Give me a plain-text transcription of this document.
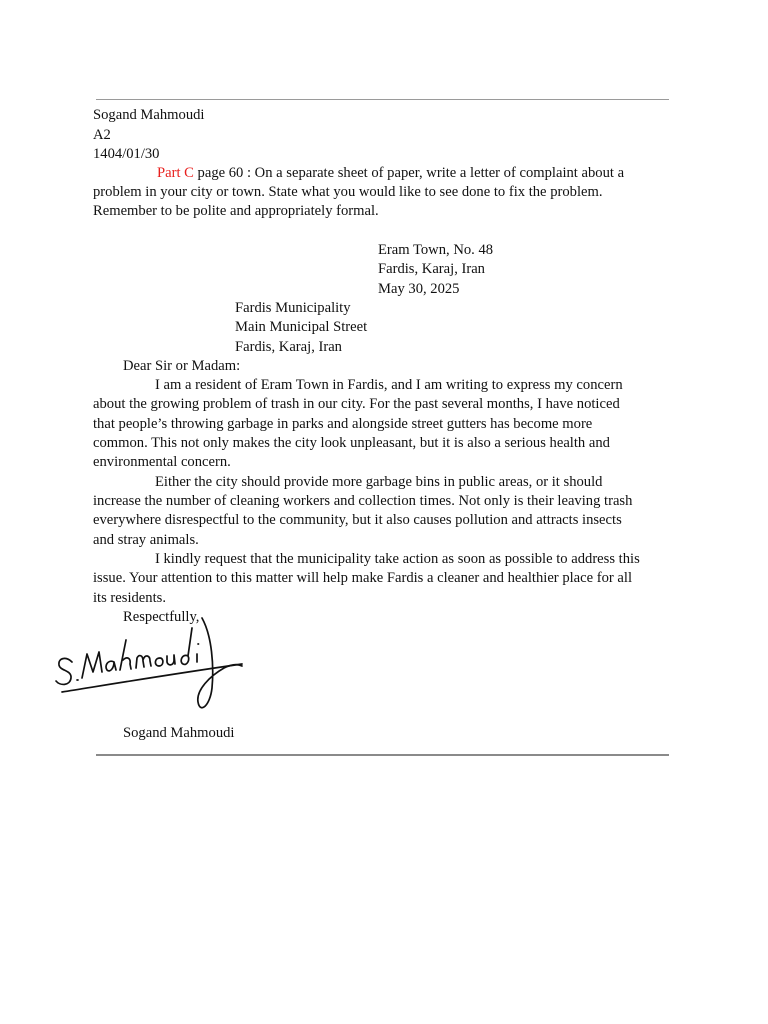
Sogand Mahmoudi
A2
1404/01/30
Part C page 60 : On a separate sheet of paper, write a letter of complaint about a
problem in your city or town. State what you would like to see done to fix the problem.
Remember to be polite and appropriately formal.
Eram Town, No. 48
Fardis, Karaj, Iran
May 30, 2025
Fardis Municipality
Main Municipal Street
Fardis, Karaj, Iran
Dear Sir or Madam:
I am a resident of Eram Town in Fardis, and I am writing to express my concern
about the growing problem of trash in our city. For the past several months, I have noticed
that people’s throwing garbage in parks and alongside street gutters has become more
common. This not only makes the city look unpleasant, but it is also a serious health and
environmental concern.
Either the city should provide more garbage bins in public areas, or it should
increase the number of cleaning workers and collection times. Not only is their leaving trash
everywhere disrespectful to the community, but it also causes pollution and attracts insects
and stray animals.
I kindly request that the municipality take action as soon as possible to address this
issue. Your attention to this matter will help make Fardis a cleaner and healthier place for all
its residents.
Respectfully,
Sogand Mahmoudi
